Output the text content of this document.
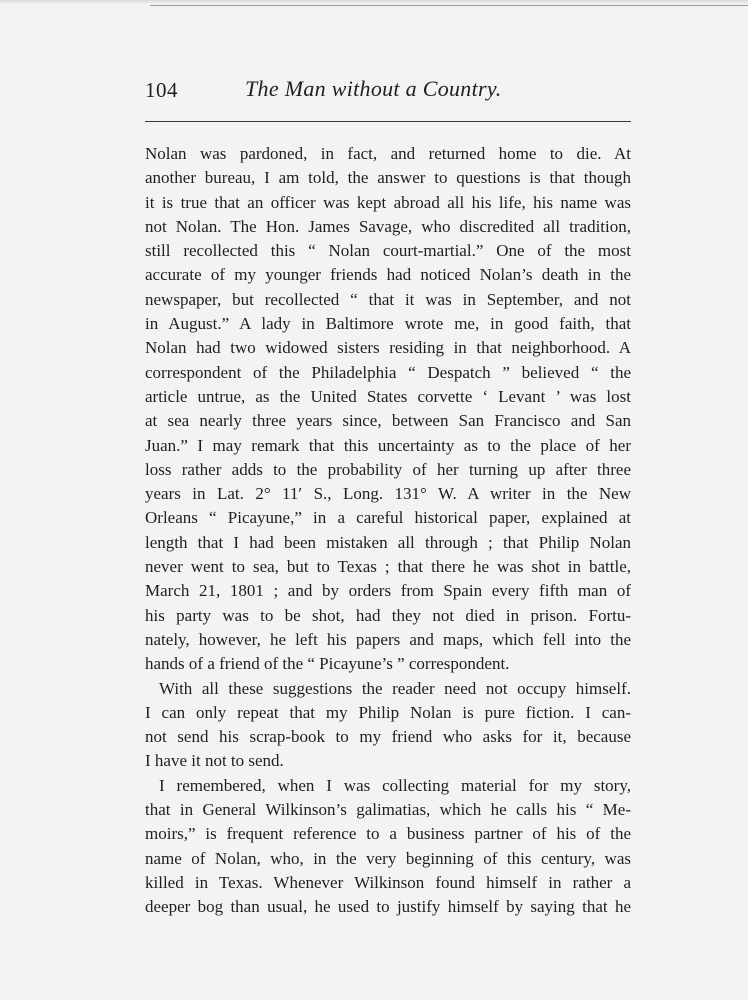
104	The Man without a Country.
Nolan was pardoned, in fact, and returned home to die. At
another bureau, I am told, the answer to questions is that though
it is true that an officer was kept abroad all his life, his name was
not Nolan. The Hon. James Savage, who discredited all tradition,
still recollected this “ Nolan court-martial.” One of the most
accurate of my younger friends had noticed Nolan’s death in the
newspaper, but recollected “ that it was in September, and not
in August.” A lady in Baltimore wrote me, in good faith, that
Nolan had two widowed sisters residing in that neighborhood. A
correspondent of the Philadelphia “ Despatch ” believed “ the
article untrue, as the United States corvette ‘ Levant ’ was lost
at sea nearly three years since, between San Francisco and San
Juan.” I may remark that this uncertainty as to the place of her
loss rather adds to the probability of her turning up after three
years in Lat. 2° 11′ S., Long. 131° W. A writer in the New
Orleans “ Picayune,” in a careful historical paper, explained at
length that I had been mistaken all through ; that Philip Nolan
never went to sea, but to Texas ; that there he was shot in battle,
March 21, 1801 ; and by orders from Spain every fifth man of
his party was to be shot, had they not died in prison. Fortu-
nately, however, he left his papers and maps, which fell into the
hands of a friend of the “ Picayune’s ” correspondent.
With all these suggestions the reader need not occupy himself.
I can only repeat that my Philip Nolan is pure fiction. I can-
not send his scrap-book to my friend who asks for it, because
I have it not to send.
I remembered, when I was collecting material for my story,
that in General Wilkinson’s galimatias, which he calls his “ Me-
moirs,” is frequent reference to a business partner of his of the
name of Nolan, who, in the very beginning of this century, was
killed in Texas. Whenever Wilkinson found himself in rather a
deeper bog than usual, he used to justify himself by saying that he
